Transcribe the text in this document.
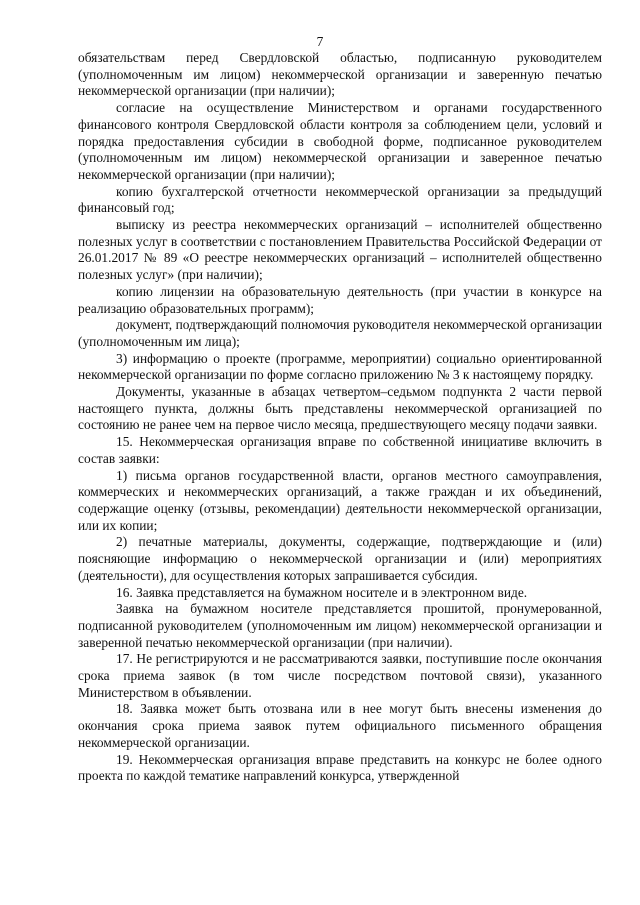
7

обязательствам перед Свердловской областью, подписанную руководителем (уполномоченным им лицом) некоммерческой организации и заверенную печатью некоммерческой организации (при наличии);

согласие на осуществление Министерством и органами государственного финансового контроля Свердловской области контроля за соблюдением цели, условий и порядка предоставления субсидии в свободной форме, подписанное руководителем (уполномоченным им лицом) некоммерческой организации и заверенное печатью некоммерческой организации (при наличии);

копию бухгалтерской отчетности некоммерческой организации за предыдущий финансовый год;

выписку из реестра некоммерческих организаций – исполнителей общественно полезных услуг в соответствии с постановлением Правительства Российской Федерации от 26.01.2017 № 89 «О реестре некоммерческих организаций – исполнителей общественно полезных услуг» (при наличии);

копию лицензии на образовательную деятельность (при участии в конкурсе на реализацию образовательных программ);

документ, подтверждающий полномочия руководителя некоммерческой организации (уполномоченным им лица);

3) информацию о проекте (программе, мероприятии) социально ориентированной некоммерческой организации по форме согласно приложению № 3 к настоящему порядку.

Документы, указанные в абзацах четвертом–седьмом подпункта 2 части первой настоящего пункта, должны быть представлены некоммерческой организацией по состоянию не ранее чем на первое число месяца, предшествующего месяцу подачи заявки.

15. Некоммерческая организация вправе по собственной инициативе включить в состав заявки:

1) письма органов государственной власти, органов местного самоуправления, коммерческих и некоммерческих организаций, а также граждан и их объединений, содержащие оценку (отзывы, рекомендации) деятельности некоммерческой организации, или их копии;

2) печатные материалы, документы, содержащие, подтверждающие и (или) поясняющие информацию о некоммерческой организации и (или) мероприятиях (деятельности), для осуществления которых запрашивается субсидия.

16. Заявка представляется на бумажном носителе и в электронном виде.

Заявка на бумажном носителе представляется прошитой, пронумерованной, подписанной руководителем (уполномоченным им лицом) некоммерческой организации и заверенной печатью некоммерческой организации (при наличии).

17. Не регистрируются и не рассматриваются заявки, поступившие после окончания срока приема заявок (в том числе посредством почтовой связи), указанного Министерством в объявлении.

18. Заявка может быть отозвана или в нее могут быть внесены изменения до окончания срока приема заявок путем официального письменного обращения некоммерческой организации.

19. Некоммерческая организация вправе представить на конкурс не более одного проекта по каждой тематике направлений конкурса, утвержденной
